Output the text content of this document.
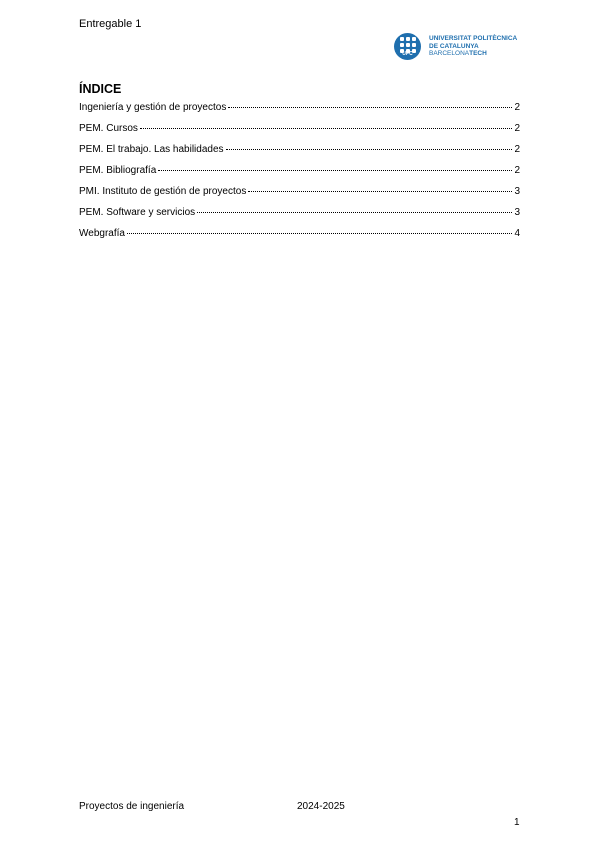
Entregable 1
UPC
UNIVERSITAT POLITÈCNICA
DE CATALUNYA
BARCELONATECH
ÍNDICE
Ingeniería y gestión de proyectos	2
PEM. Cursos	2
PEM. El trabajo. Las habilidades	2
PEM. Bibliografía	2
PMI. Instituto de gestión de proyectos	3
PEM. Software y servicios	3
Webgrafía	4
Proyectos de ingeniería	2024-2025
1
